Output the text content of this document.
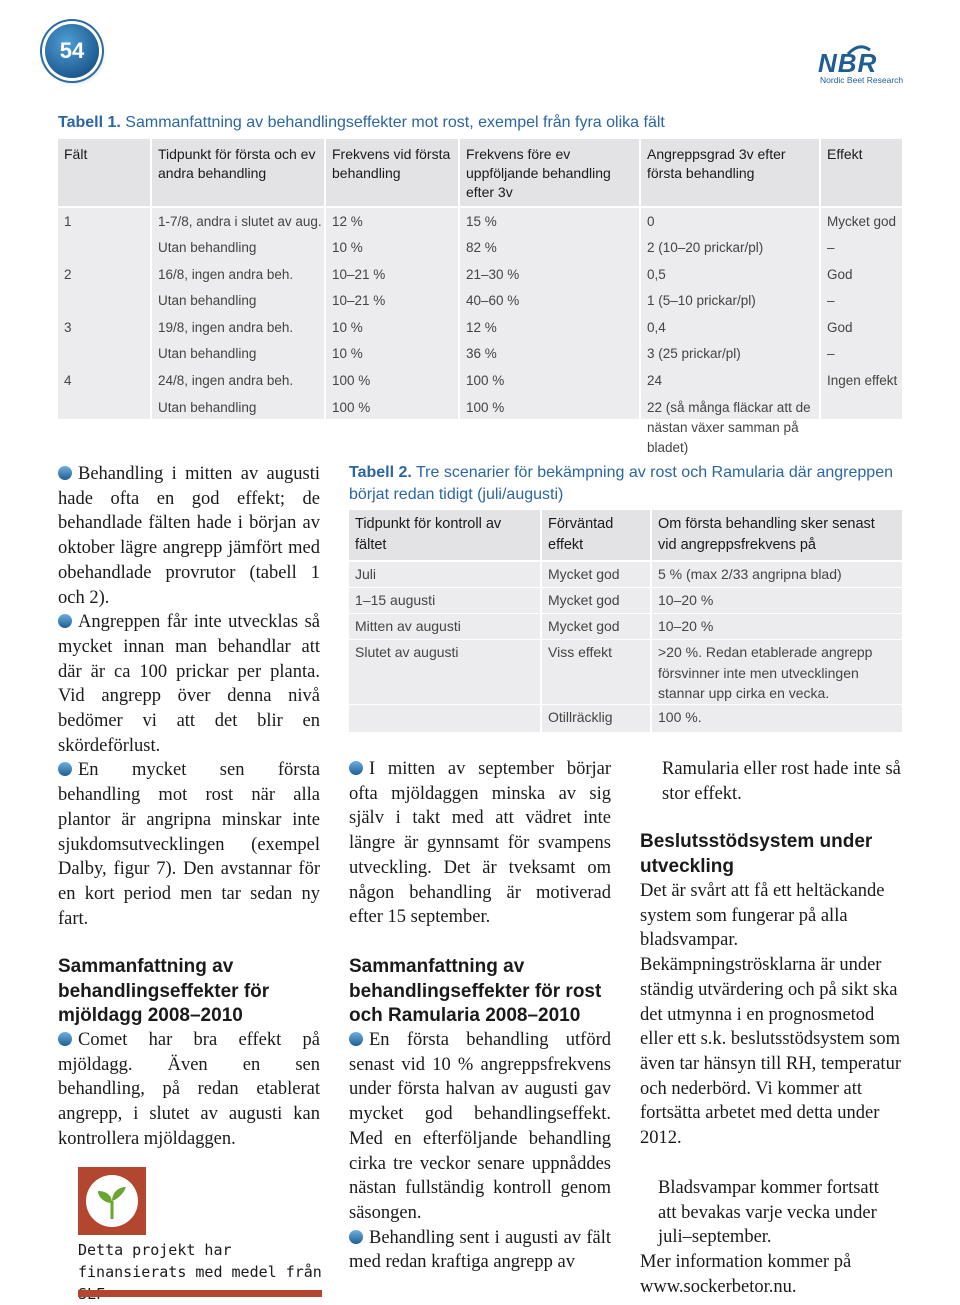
54	NBR
Nordic Beet Research
Tabell 1. Sammanfattning av behandlingseffekter mot rost, exempel från fyra olika fält
Fält	Tidpunkt för första och ev andra behandling	Frekvens vid första behandling	Frekvens före ev uppföljande behandling efter 3v	Angreppsgrad 3v efter första behandling	Effekt
1	1-7/8, andra i slutet av aug.	12 %	15 %	0	Mycket god
	Utan behandling	10 %	82 %	2 (10–20 prickar/pl)	–
2	16/8, ingen andra beh.	10–21 %	21–30 %	0,5	God
	Utan behandling	10–21 %	40–60 %	1 (5–10 prickar/pl)	–
3	19/8, ingen andra beh.	10 %	12 %	0,4	God
	Utan behandling	10 %	36 %	3 (25 prickar/pl)	–
4	24/8, ingen andra beh.	100 %	100 %	24	Ingen effekt
	Utan behandling	100 %	100 %	22 (så många fläckar att de nästan växer samman på bladet)	

Behandling i mitten av augusti hade ofta en god effekt; de behandlade fälten hade i början av oktober lägre angrepp jämfört med obehandlade provrutor (tabell 1 och 2).

Angreppen får inte utvecklas så mycket innan man behandlar att där är ca 100 prickar per planta. Vid angrepp över denna nivå bedömer vi att det blir en skördeförlust.

En mycket sen första behandling mot rost när alla plantor är angripna minskar inte sjukdomsutvecklingen (exempel Dalby, figur 7). Den avstannar för en kort period men tar sedan ny fart.

Sammanfattning av behandlingseffekter för mjöldagg 2008–2010

Comet har bra effekt på mjöldagg. Även en sen behandling, på redan etablerat angrepp, i slutet av augusti kan kontrollera mjöldaggen.

Detta projekt har finansierats med medel från
Tabell 2. Tre scenarier för bekämpning av rost och Ramularia där angreppen börjat redan tidigt (juli/augusti)
Tidpunkt för kontroll av fältet	Förväntad effekt	Om första behandling sker senast vid angreppsfrekvens på
Juli	Mycket god	5 % (max 2/33 angripna blad)
1–15 augusti	Mycket god	10–20 %
Mitten av augusti	Mycket god	10–20 %
Slutet av augusti	Viss effekt	>20 %. Redan etablerade angrepp försvinner inte men utvecklingen stannar upp cirka en vecka.
	Otillräcklig	100 %.

I mitten av september börjar ofta mjöldaggen minska av sig själv i takt med att vädret inte längre är gynnsamt för svampens utveckling. Det är tveksamt om någon behandling är motiverad efter 15 september.

Sammanfattning av behandlingseffekter för rost och Ramularia 2008–2010

En första behandling utförd senast vid 10 % angreppsfrekvens under första halvan av augusti gav mycket god behandlingseffekt. Med en efterföljande behandling cirka tre veckor senare uppnåddes nästan fullständig kontroll genom säsongen.

Behandling sent i augusti av fält med redan kraftiga angrepp av

Ramularia eller rost hade inte så stor effekt.

Beslutsstödsystem under utveckling

Det är svårt att få ett heltäckande system som fungerar på alla bladsvampar. Bekämpningströsklarna är under ständig utvärdering och på sikt ska det utmynna i en prognosmetod eller ett s.k. beslutsstödsystem som även tar hänsyn till RH, temperatur och nederbörd. Vi kommer att fortsätta arbetet med detta under 2012.

Bladsvampar kommer fortsatt att bevakas varje vecka under juli–september.

Mer information kommer på www.sockerbetor.nu.
